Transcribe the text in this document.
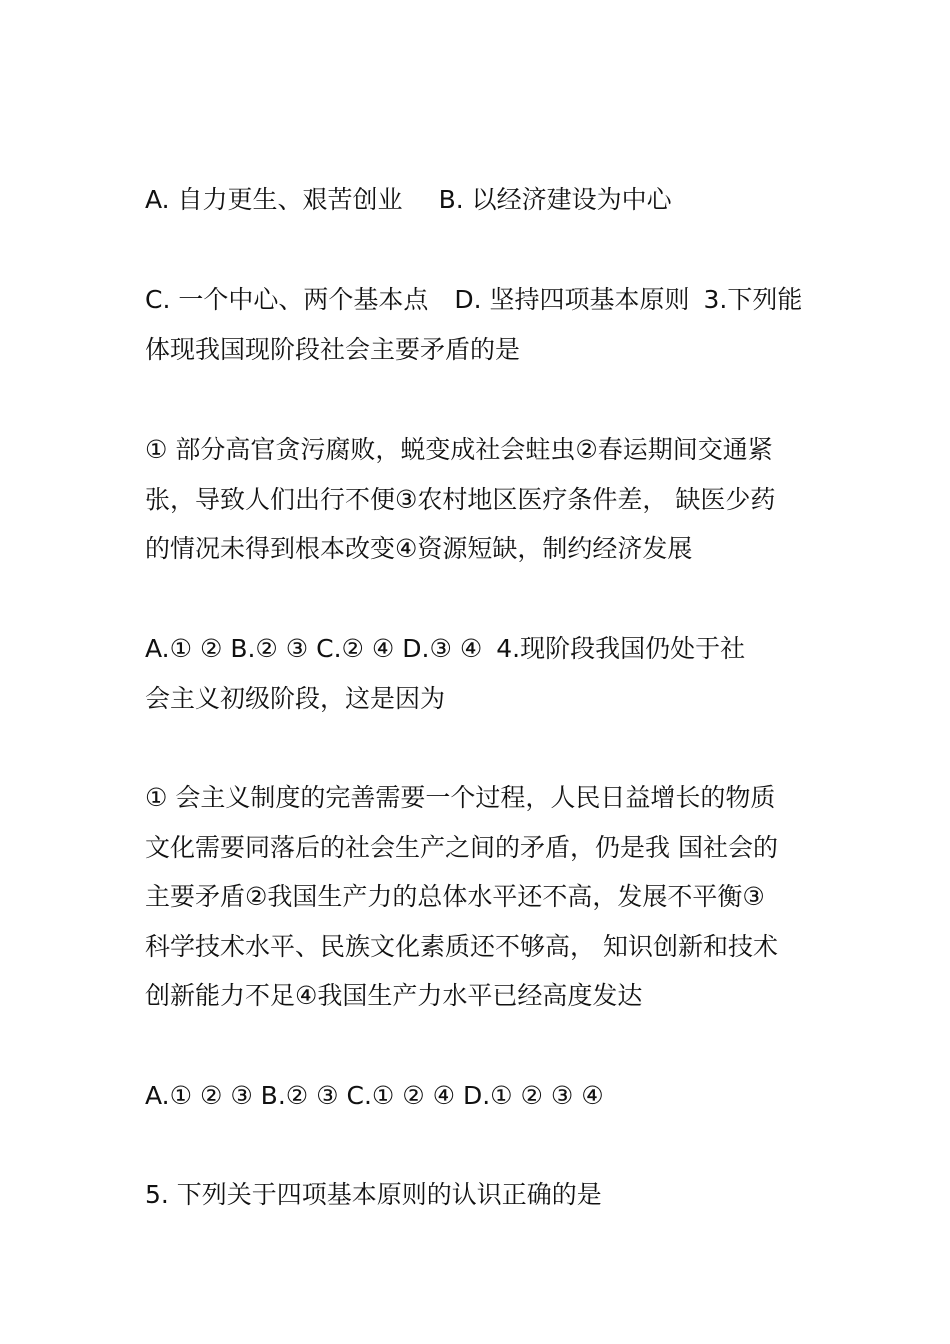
A. 自力更生、艰苦创业 B. 以经济建设为中心
C. 一个中心、两个基本点 D. 坚持四项基本原则 3.下列能
体现我国现阶段社会主要矛盾的是
① 部分高官贪污腐败，蜕变成社会蛀虫②春运期间交通紧
张，导致人们出行不便③农村地区医疗条件差， 缺医少药
的情况未得到根本改变④资源短缺，制约经济发展
A.① ② B.② ③ C.② ④ D.③ ④ 4.现阶段我国仍处于社
会主义初级阶段，这是因为
① 会主义制度的完善需要一个过程，人民日益增长的物质
文化需要同落后的社会生产之间的矛盾，仍是我 国社会的
主要矛盾②我国生产力的总体水平还不高，发展不平衡③
科学技术水平、民族文化素质还不够高， 知识创新和技术
创新能力不足④我国生产力水平已经高度发达
A.① ② ③ B.② ③ C.① ② ④ D.① ② ③ ④
5. 下列关于四项基本原则的认识正确的是
